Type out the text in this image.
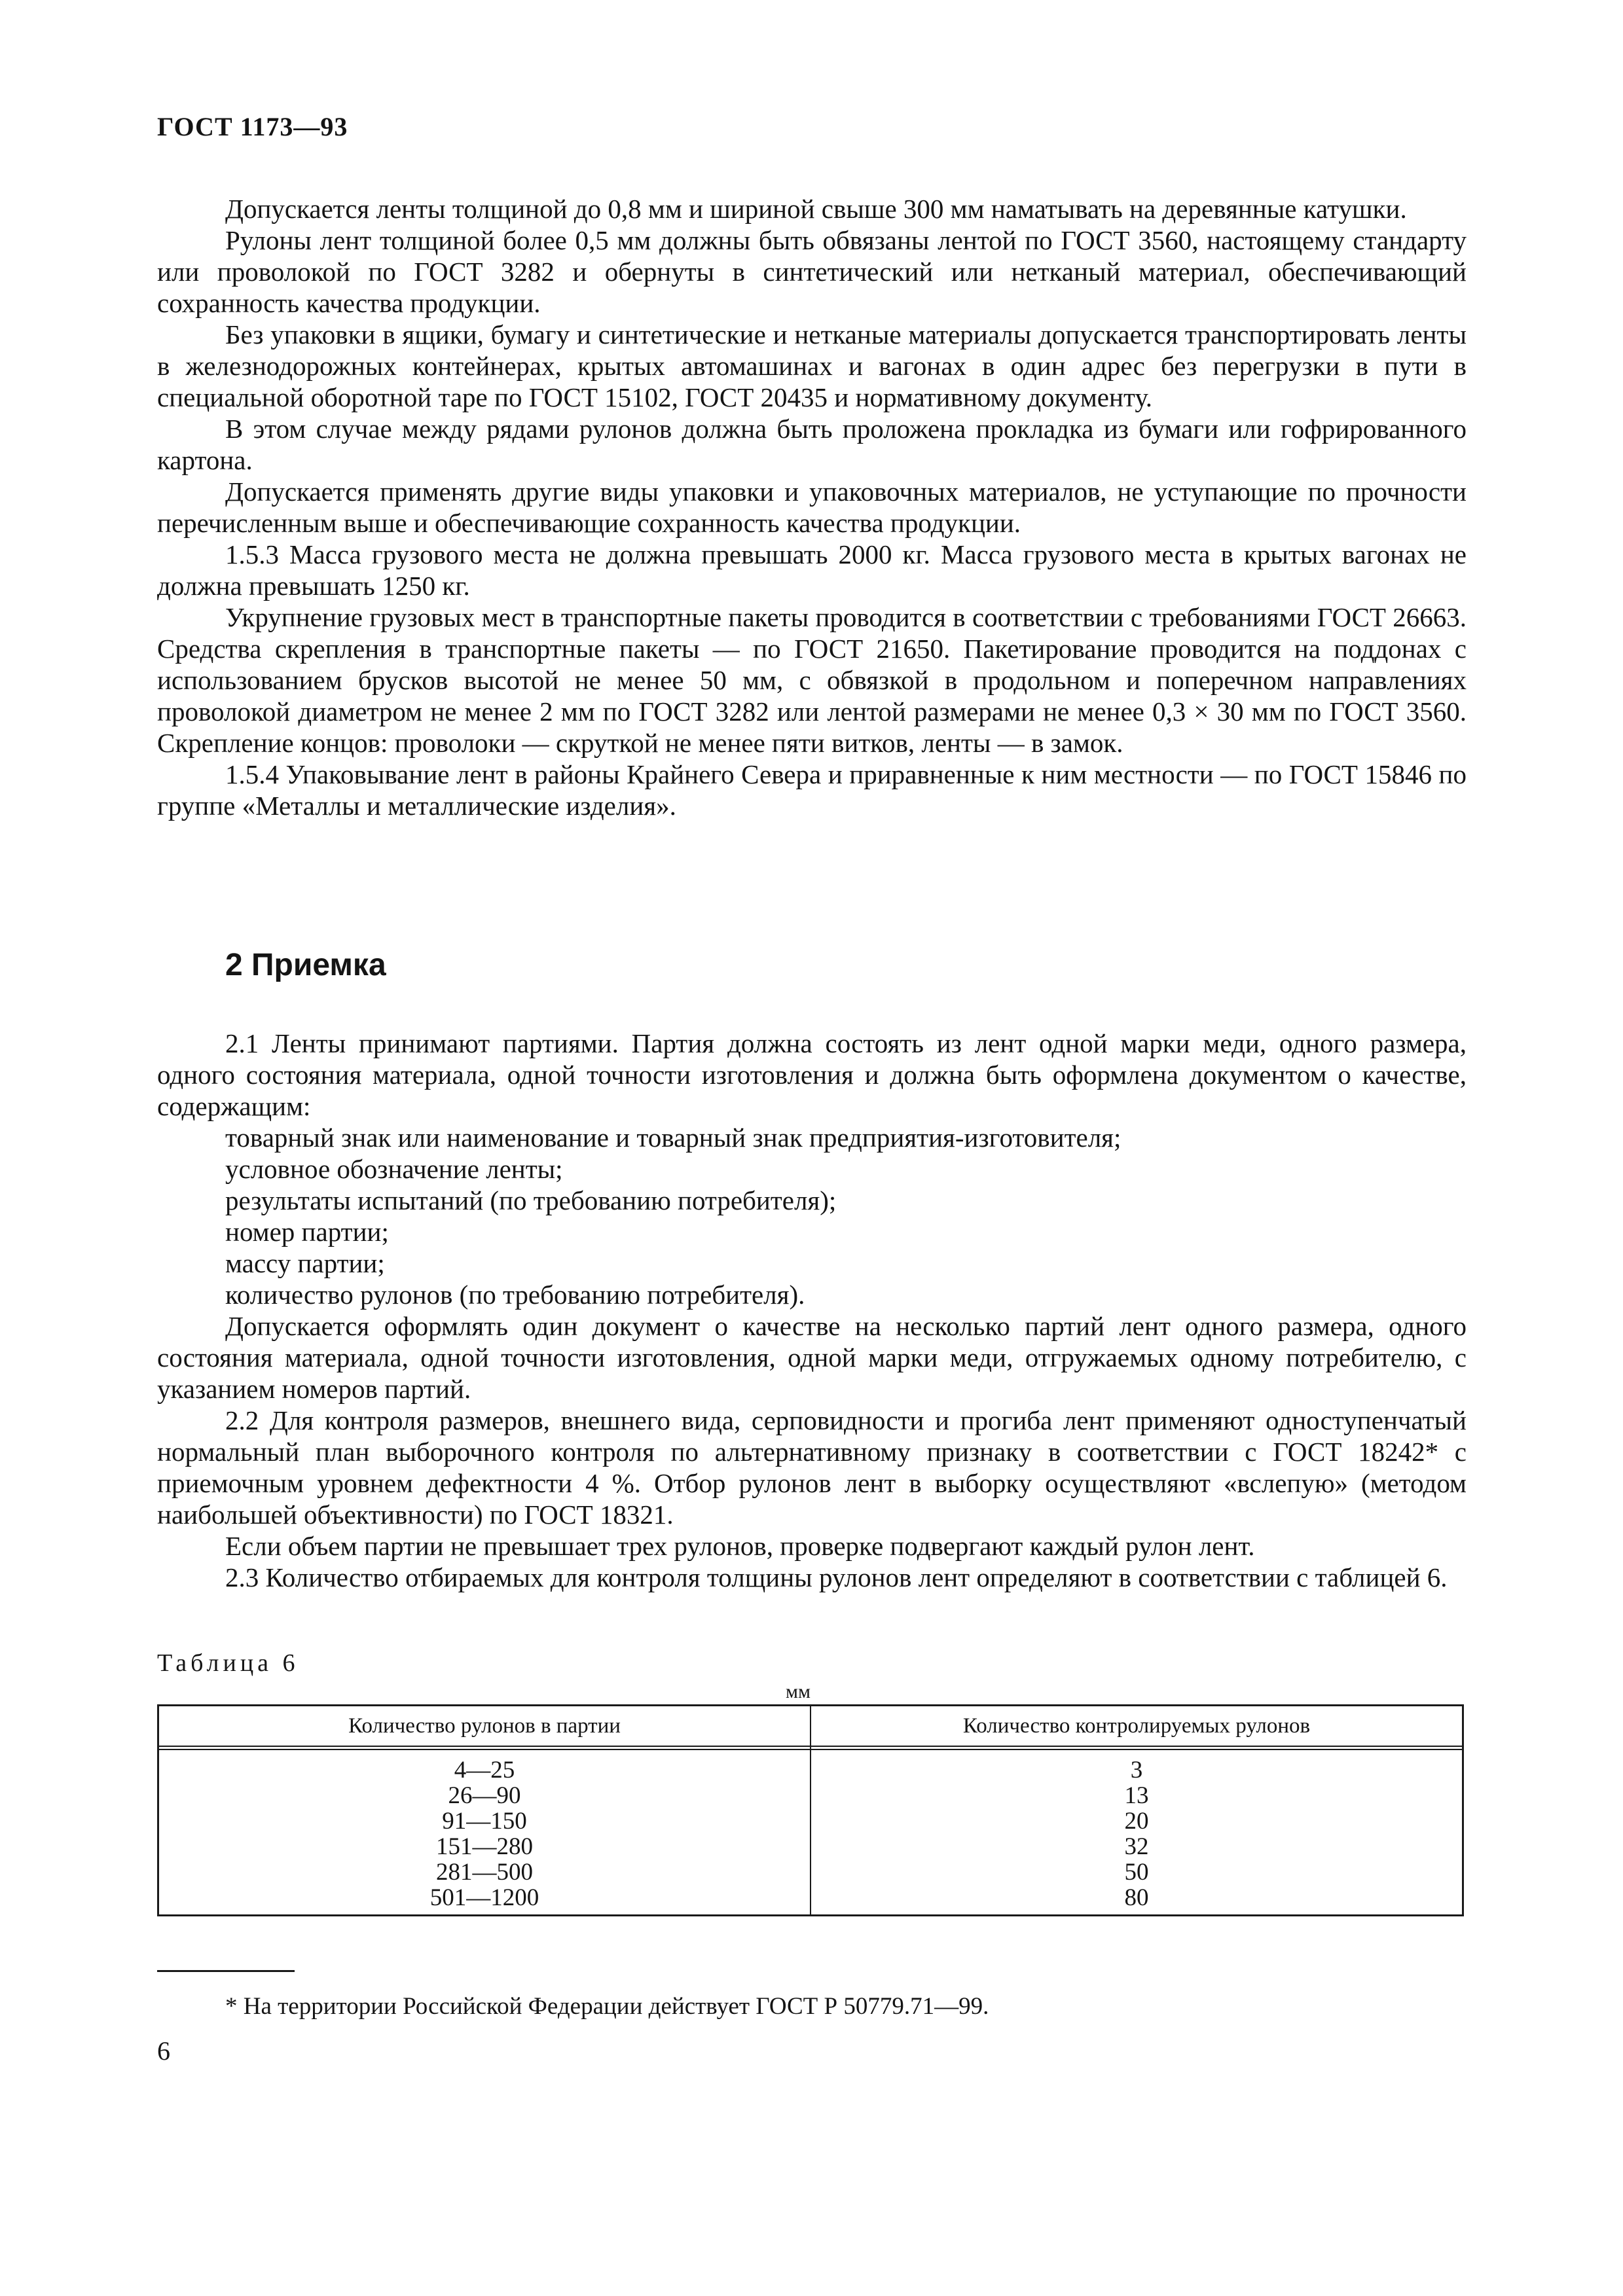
ГОСТ 1173—93

Допускается ленты толщиной до 0,8 мм и шириной свыше 300 мм наматывать на деревянные катушки.

Рулоны лент толщиной более 0,5 мм должны быть обвязаны лентой по ГОСТ 3560, настоящему стандарту или проволокой по ГОСТ 3282 и обернуты в синтетический или нетканый материал, обеспечивающий сохранность качества продукции.

Без упаковки в ящики, бумагу и синтетические и нетканые материалы допускается транспортировать ленты в железнодорожных контейнерах, крытых автомашинах и вагонах в один адрес без перегрузки в пути в специальной оборотной таре по ГОСТ 15102, ГОСТ 20435 и нормативному документу.

В этом случае между рядами рулонов должна быть проложена прокладка из бумаги или гофрированного картона.

Допускается применять другие виды упаковки и упаковочных материалов, не уступающие по прочности перечисленным выше и обеспечивающие сохранность качества продукции.

1.5.3 Масса грузового места не должна превышать 2000 кг. Масса грузового места в крытых вагонах не должна превышать 1250 кг.

Укрупнение грузовых мест в транспортные пакеты проводится в соответствии с требованиями ГОСТ 26663. Средства скрепления в транспортные пакеты — по ГОСТ 21650. Пакетирование проводится на поддонах с использованием брусков высотой не менее 50 мм, с обвязкой в продольном и поперечном направлениях проволокой диаметром не менее 2 мм по ГОСТ 3282 или лентой размерами не менее 0,3 × 30 мм по ГОСТ 3560. Скрепление концов: проволоки — скруткой не менее пяти витков, ленты — в замок.

1.5.4 Упаковывание лент в районы Крайнего Севера и приравненные к ним местности — по ГОСТ 15846 по группе «Металлы и металлические изделия».

2 Приемка

2.1 Ленты принимают партиями. Партия должна состоять из лент одной марки меди, одного размера, одного состояния материала, одной точности изготовления и должна быть оформлена документом о качестве, содержащим:

товарный знак или наименование и товарный знак предприятия-изготовителя;

условное обозначение ленты;

результаты испытаний (по требованию потребителя);

номер партии;

массу партии;

количество рулонов (по требованию потребителя).

Допускается оформлять один документ о качестве на несколько партий лент одного размера, одного состояния материала, одной точности изготовления, одной марки меди, отгружаемых одному потребителю, с указанием номеров партий.

2.2 Для контроля размеров, внешнего вида, серповидности и прогиба лент применяют одноступенчатый нормальный план выборочного контроля по альтернативному признаку в соответствии с ГОСТ 18242* с приемочным уровнем дефектности 4 %. Отбор рулонов лент в выборку осуществляют «вслепую» (методом наибольшей объективности) по ГОСТ 18321.

Если объем партии не превышает трех рулонов, проверке подвергают каждый рулон лент.

2.3 Количество отбираемых для контроля толщины рулонов лент определяют в соответствии с таблицей 6.

Таблица 6
мм
Количество рулонов в партии	Количество контролируемых рулонов
4—25
26—90
91—150
151—280
281—500
501—1200
3
13
20
32
50
80
* На территории Российской Федерации действует ГОСТ Р 50779.71—99.
6
